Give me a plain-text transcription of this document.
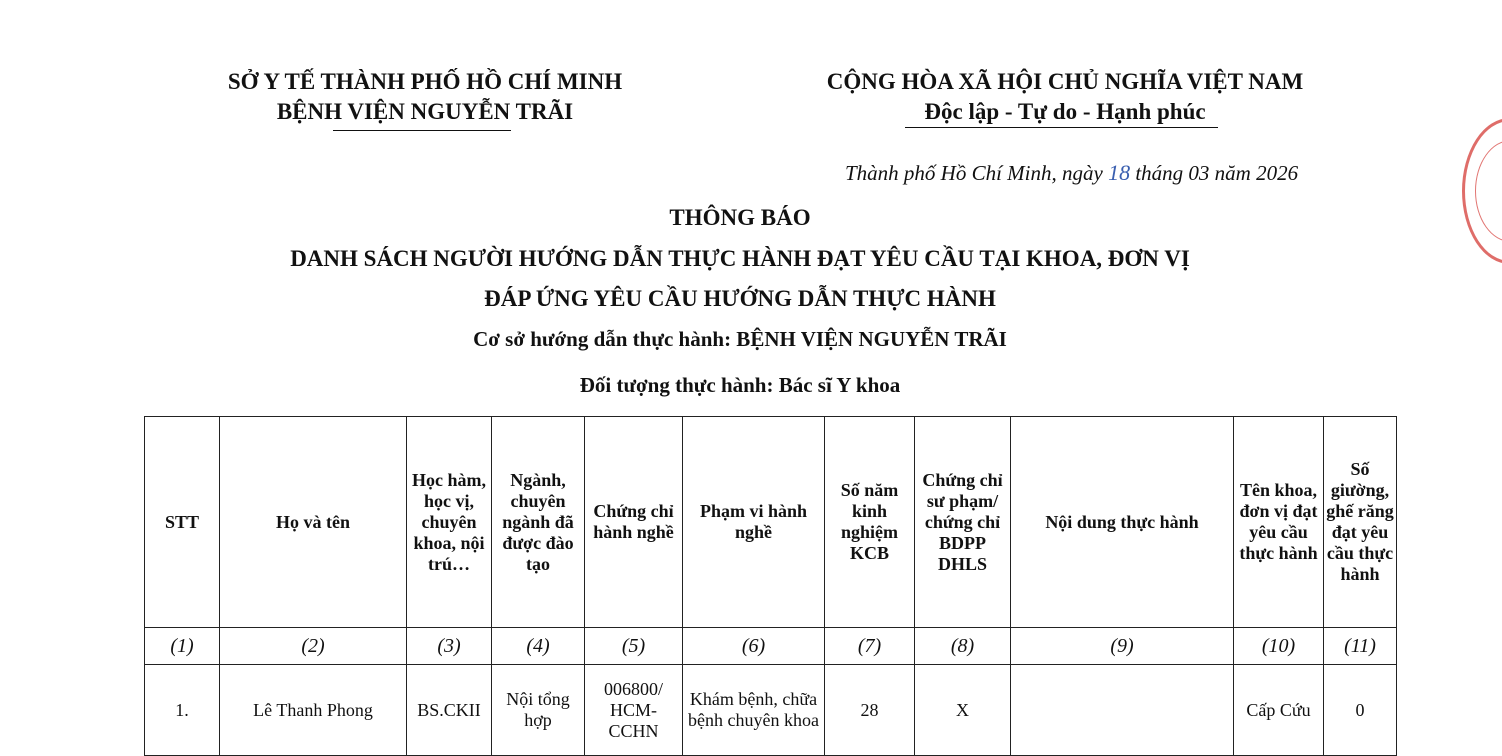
SỞ Y TẾ THÀNH PHỐ HỒ CHÍ MINH
BỆNH VIỆN NGUYỄN TRÃI
CỘNG HÒA XÃ HỘI CHỦ NGHĨA VIỆT NAM
Độc lập - Tự do - Hạnh phúc
Thành phố Hồ Chí Minh, ngày 18 tháng 03 năm 2026
THÔNG BÁO
DANH SÁCH NGƯỜI HƯỚNG DẪN THỰC HÀNH ĐẠT YÊU CẦU TẠI KHOA, ĐƠN VỊ
ĐÁP ỨNG YÊU CẦU HƯỚNG DẪN THỰC HÀNH
Cơ sở hướng dẫn thực hành: BỆNH VIỆN NGUYỄN TRÃI
Đối tượng thực hành: Bác sĩ Y khoa
STT	Họ và tên	Học hàm, học vị, chuyên khoa, nội trú…	Ngành, chuyên ngành đã được đào tạo	Chứng chỉ hành nghề	Phạm vi hành nghề	Số năm kinh nghiệm KCB	Chứng chỉ sư phạm/ chứng chỉ BDPP DHLS	Nội dung thực hành	Tên khoa, đơn vị đạt yêu cầu thực hành	Số giường, ghế răng đạt yêu cầu thực hành
(1)	(2)	(3)	(4)	(5)	(6)	(7)	(8)	(9)	(10)	(11)
1.	Lê Thanh Phong	BS.CKII	Nội tổng hợp	006800/ HCM-CCHN	Khám bệnh, chữa bệnh chuyên khoa	28	X		Cấp Cứu	0
